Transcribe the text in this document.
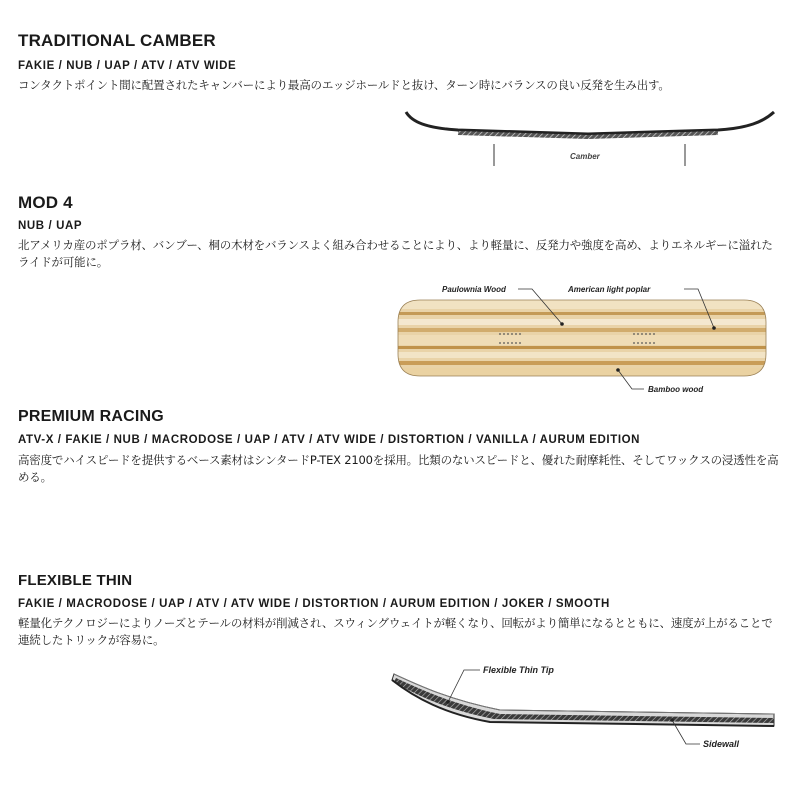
TRADITIONAL CAMBER
FAKIE / NUB / UAP / ATV / ATV WIDE
コンタクトポイント間に配置されたキャンバーにより最高のエッジホールドと抜け、ターン時にバランスの良い反発を生み出す。
Camber
MOD 4
NUB / UAP
北アメリカ産のポプラ材、バンブー、桐の木材をバランスよく組み合わせることにより、より軽量に、反発力や強度を高め、よりエネルギーに溢れたライドが可能に。
Paulownia Wood	American light poplar
Bamboo wood
PREMIUM RACING
ATV-X / FAKIE / NUB / MACRODOSE / UAP / ATV / ATV WIDE / DISTORTION / VANILLA / AURUM EDITION
高密度でハイスピードを提供するベース素材はシンタードP-TEX 2100を採用。比類のないスピードと、優れた耐摩耗性、そしてワックスの浸透性を高める。
FLEXIBLE THIN
FAKIE / MACRODOSE / UAP / ATV / ATV WIDE / DISTORTION / AURUM EDITION / JOKER / SMOOTH
軽量化テクノロジーによりノーズとテールの材料が削減され、スウィングウェイトが軽くなり、回転がより簡単になるとともに、速度が上がることで連続したトリックが容易に。
Flexible Thin Tip
Sidewall
